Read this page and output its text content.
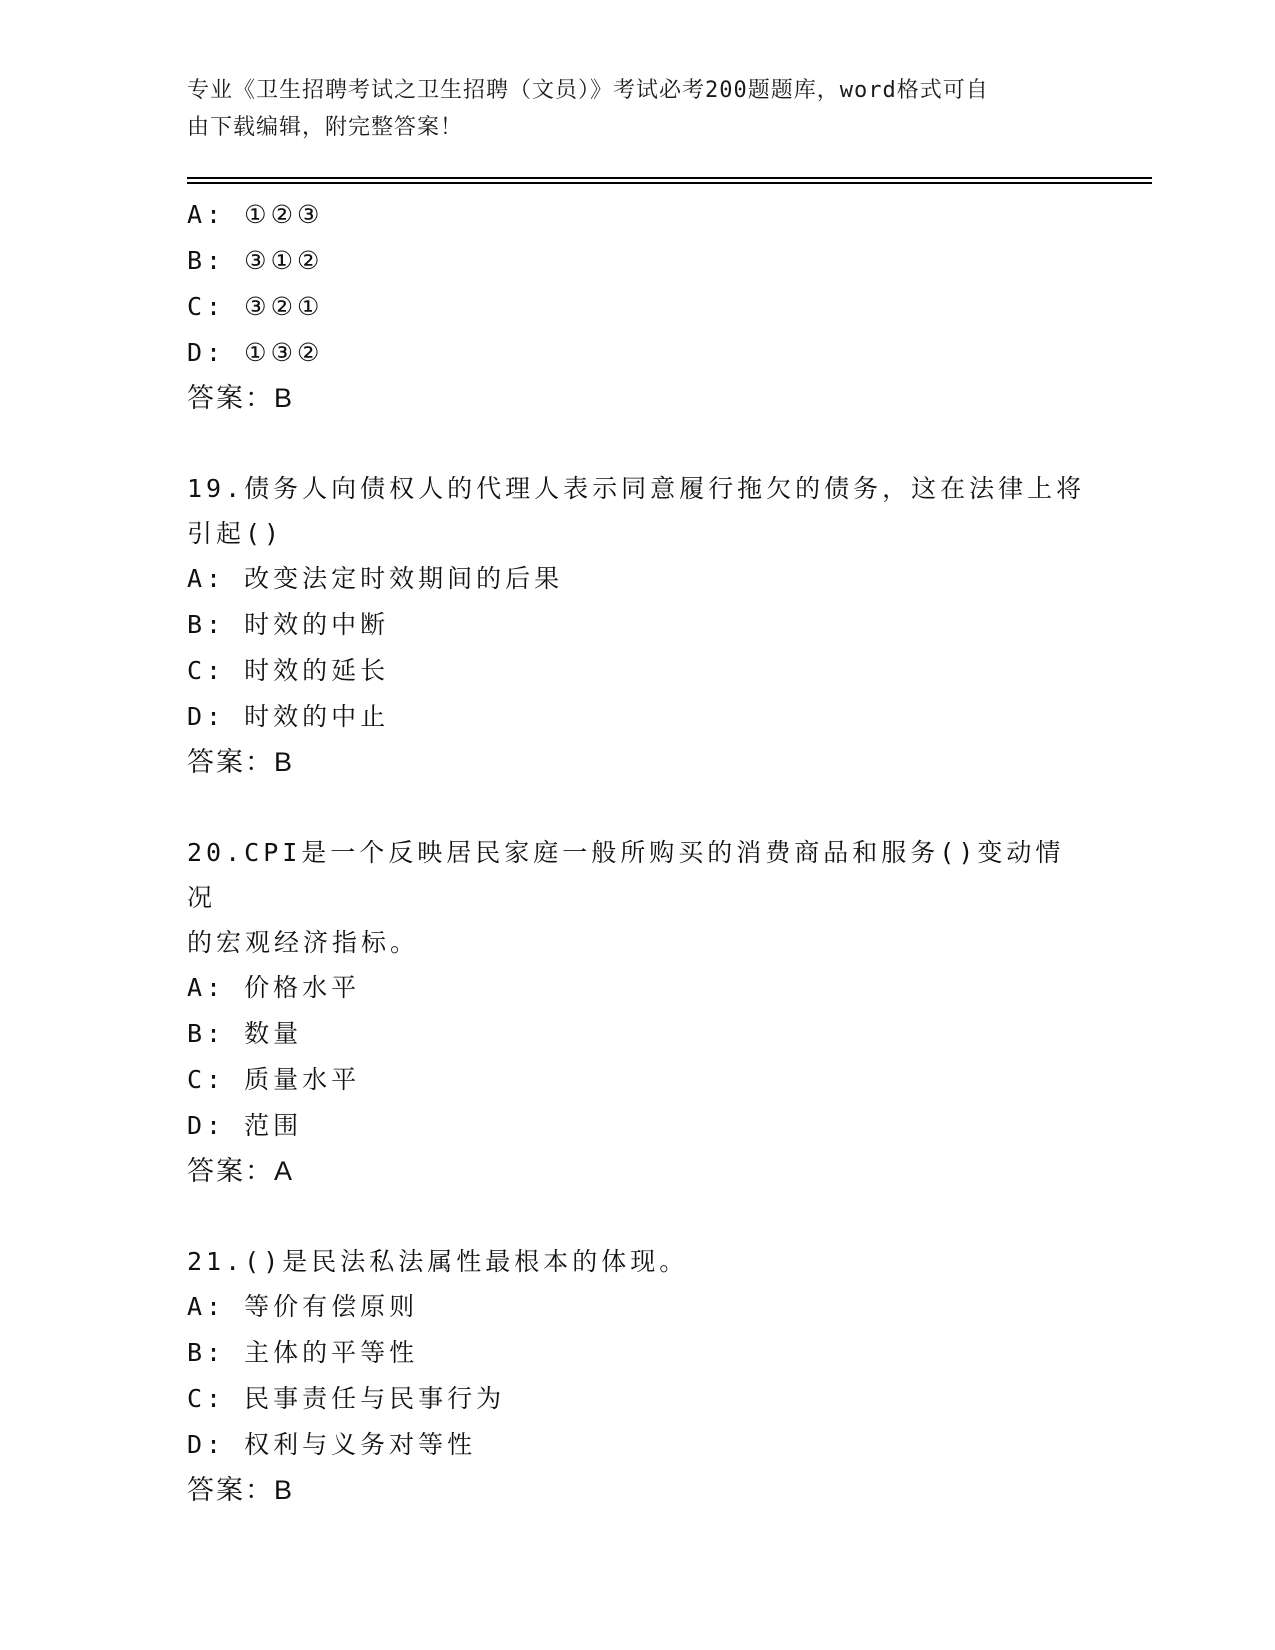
专业《卫生招聘考试之卫生招聘（文员）》考试必考200题题库，word格式可自
由下载编辑，附完整答案！
A: ①②③
B: ③①②
C: ③②①
D: ①③②
答案：B
19.债务人向债权人的代理人表示同意履行拖欠的债务，这在法律上将
引起()
A: 改变法定时效期间的后果
B: 时效的中断
C: 时效的延长
D: 时效的中止
答案：B
20.CPI是一个反映居民家庭一般所购买的消费商品和服务()变动情况
的宏观经济指标。
A: 价格水平
B: 数量
C: 质量水平
D: 范围
答案：A
21.()是民法私法属性最根本的体现。
A: 等价有偿原则
B: 主体的平等性
C: 民事责任与民事行为
D: 权利与义务对等性
答案：B
